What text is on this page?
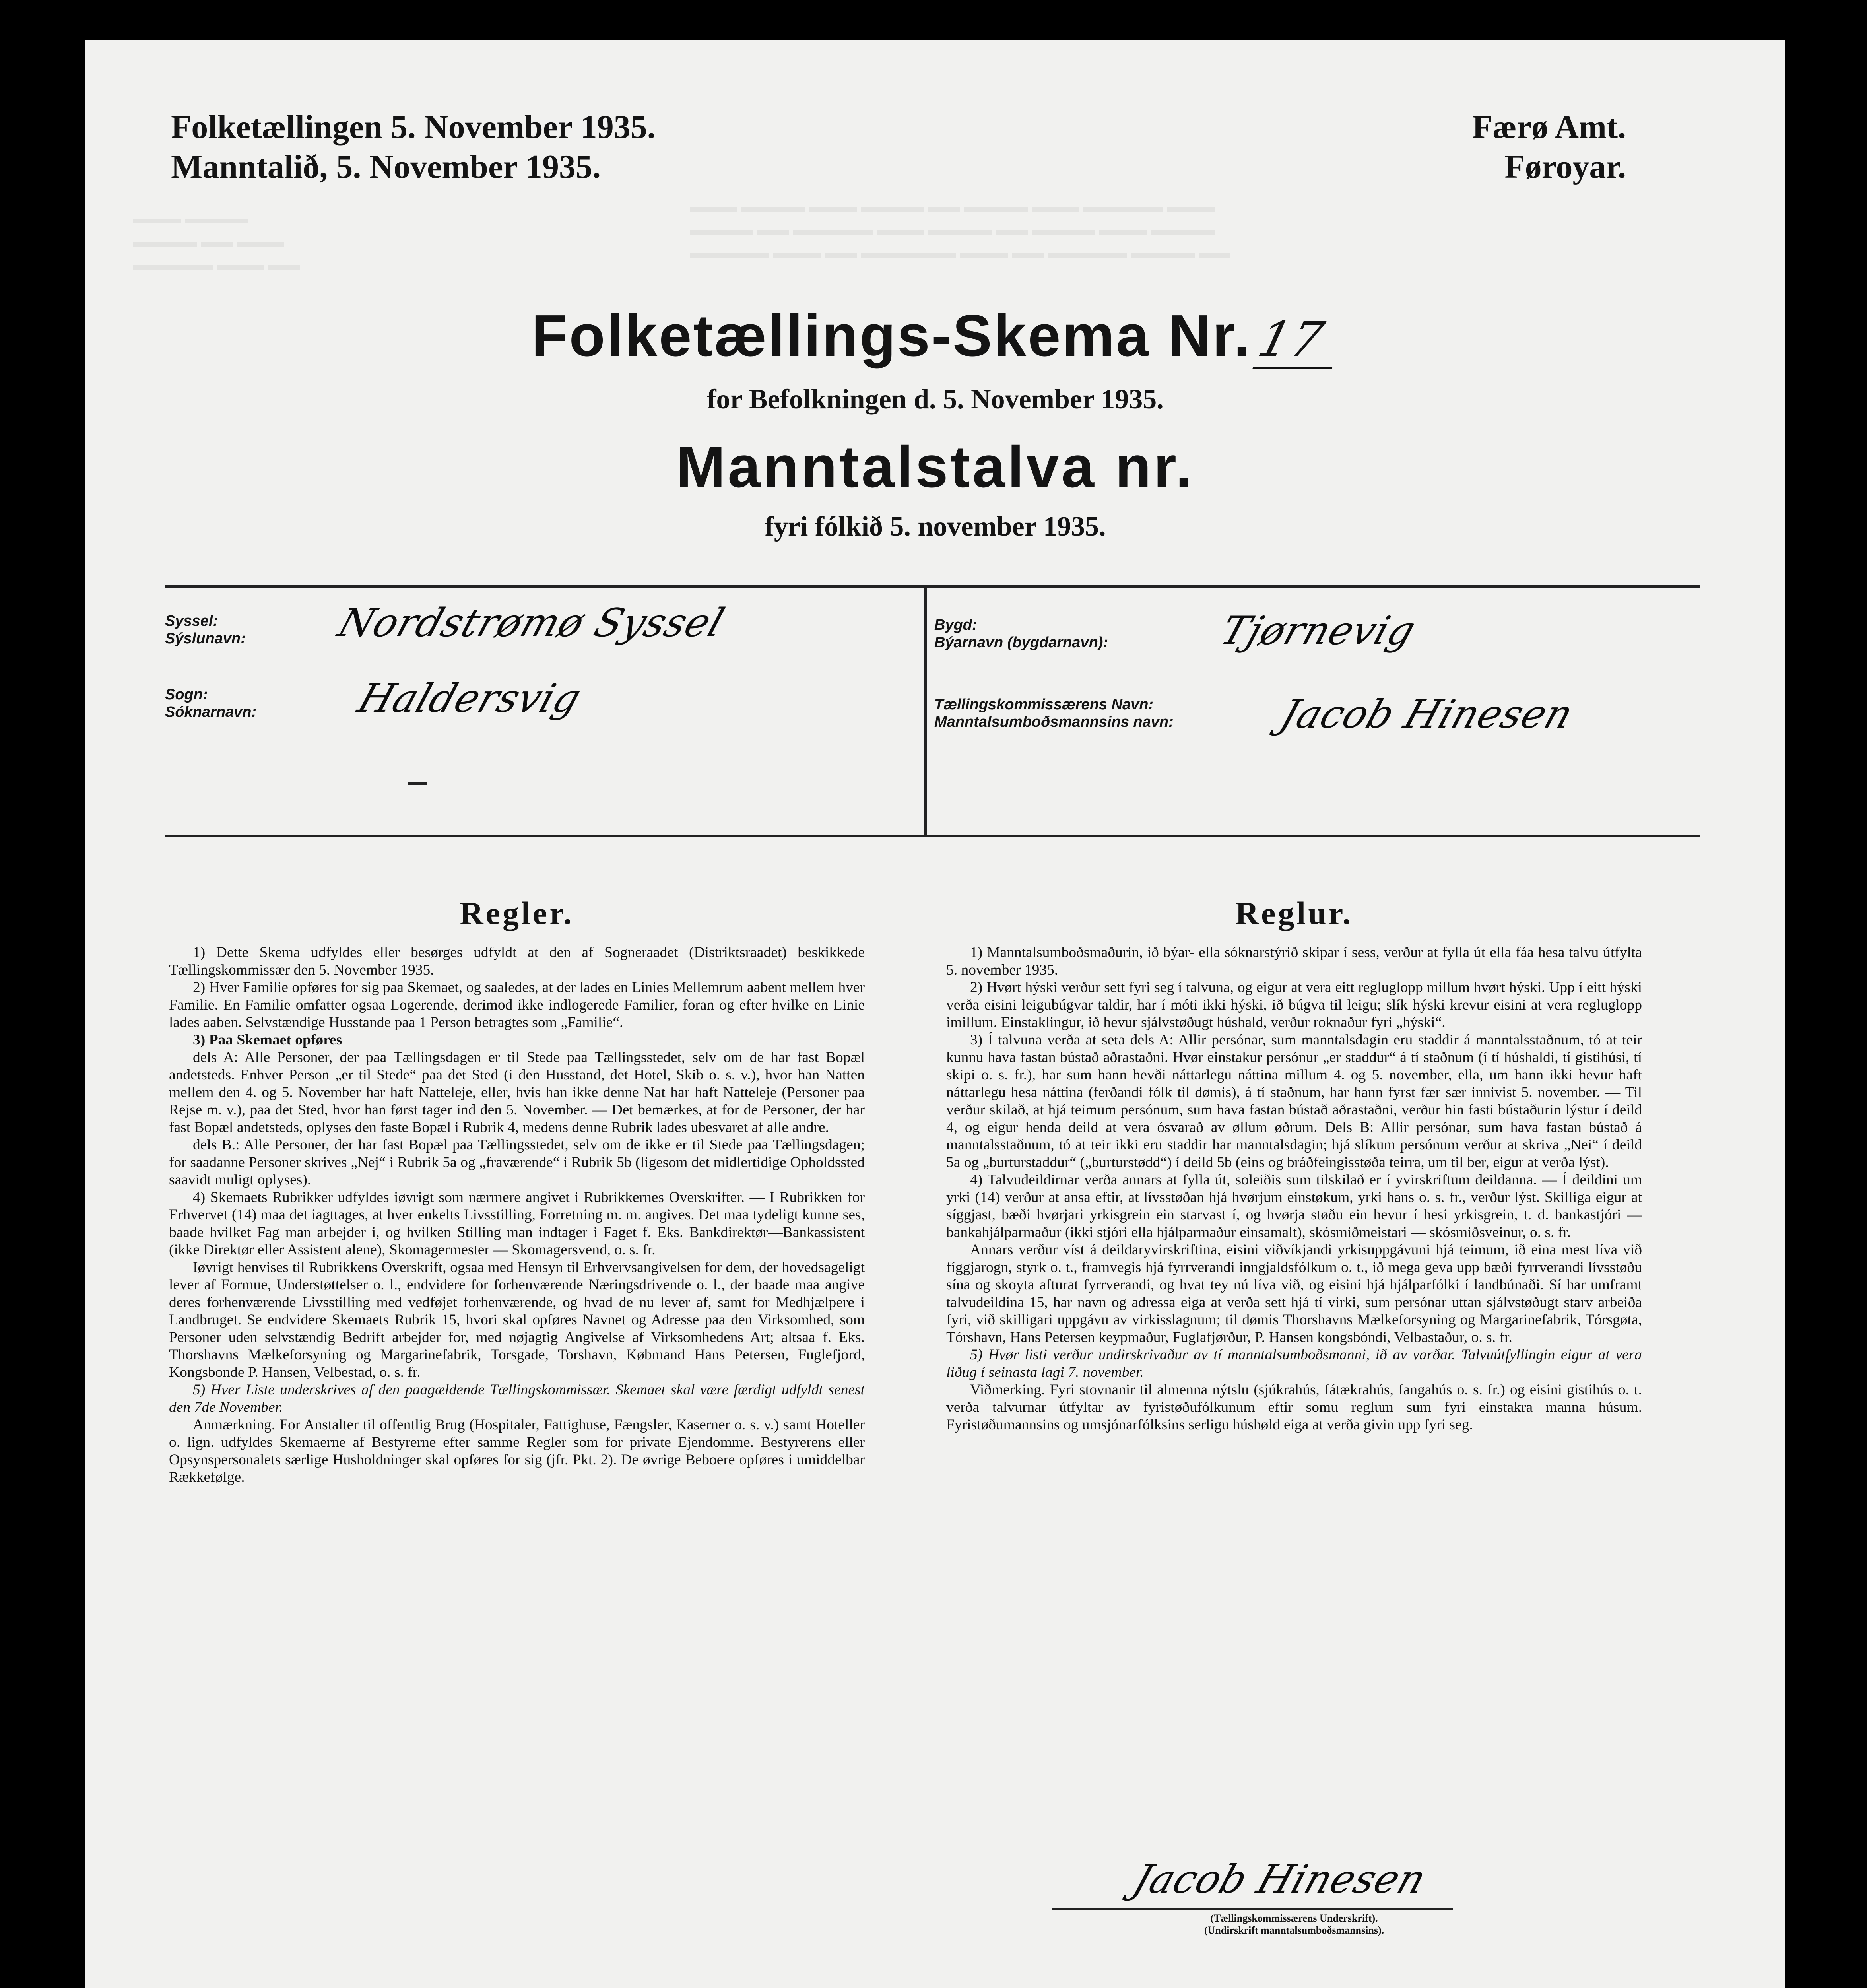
▬▬▬ ▬▬▬▬ ▬▬▬ ▬▬▬▬ ▬▬ ▬▬▬▬ ▬▬▬ ▬▬▬▬▬ ▬▬▬
▬▬▬▬ ▬▬ ▬▬▬▬▬ ▬▬▬ ▬▬▬▬ ▬▬ ▬▬▬▬ ▬▬▬ ▬▬▬▬
▬▬▬▬▬ ▬▬▬ ▬▬ ▬▬▬▬▬▬ ▬▬▬ ▬▬ ▬▬▬▬▬ ▬▬▬▬ ▬▬
▬▬▬ ▬▬▬▬
▬▬▬▬ ▬▬ ▬▬▬
▬▬▬▬▬ ▬▬▬ ▬▬
Folketællingen 5. November 1935.
Manntalið, 5. November 1935.
Færø Amt.
Føroyar.
Folketællings-Skema Nr.17
for Befolkningen d. 5. November 1935.
Manntalstalva nr.
fyri fólkið 5. november 1935.
Syssel:
Sýslunavn: Nordstrømø Syssel
Sogn:
Sóknarnavn: Haldersvig
Bygd:
Býarnavn (bygdarnavn):	Tjørnevig
Tællingskommissærens Navn:
Manntalsumboðsmannsins navn:	Jacob Hinesen
Regler.

1) Dette Skema udfyldes eller besørges udfyldt at den af Sogneraadet (Distriktsraadet) beskikkede Tællingskommissær den 5. November 1935.

2) Hver Familie opføres for sig paa Skemaet, og saaledes, at der lades en Linies Mellemrum aabent mellem hver Familie. En Familie omfatter ogsaa Logerende, derimod ikke indlogerede Familier, foran og efter hvilke en Linie lades aaben. Selvstændige Husstande paa 1 Person betragtes som „Familie“.

3) Paa Skemaet opføres

dels A: Alle Personer, der paa Tællingsdagen er til Stede paa Tællingsstedet, selv om de har fast Bopæl andetsteds. Enhver Person „er til Stede“ paa det Sted (i den Husstand, det Hotel, Skib o. s. v.), hvor han Natten mellem den 4. og 5. November har haft Natteleje, eller, hvis han ikke denne Nat har haft Natteleje (Personer paa Rejse m. v.), paa det Sted, hvor han først tager ind den 5. November. — Det bemærkes, at for de Personer, der har fast Bopæl andetsteds, oplyses den faste Bopæl i Rubrik 4, medens denne Rubrik lades ubesvaret af alle andre.

dels B.: Alle Personer, der har fast Bopæl paa Tællingsstedet, selv om de ikke er til Stede paa Tællingsdagen; for saadanne Personer skrives „Nej“ i Rubrik 5a og „fraværende“ i Rubrik 5b (ligesom det midlertidige Opholdssted saavidt muligt oplyses).

4) Skemaets Rubrikker udfyldes iøvrigt som nærmere angivet i Rubrikkernes Overskrifter. — I Rubrikken for Erhvervet (14) maa det iagttages, at hver enkelts Livsstilling, Forretning m. m. angives. Det maa tydeligt kunne ses, baade hvilket Fag man arbejder i, og hvilken Stilling man indtager i Faget f. Eks. Bankdirektør—Bankassistent (ikke Direktør eller Assistent alene), Skomagermester — Skomagersvend, o. s. fr.

Iøvrigt henvises til Rubrikkens Overskrift, ogsaa med Hensyn til Erhvervsangivelsen for dem, der hovedsageligt lever af Formue, Understøttelser o. l., endvidere for forhenværende Næringsdrivende o. l., der baade maa angive deres forhenværende Livsstilling med vedføjet forhenværende, og hvad de nu lever af, samt for Medhjælpere i Landbruget. Se endvidere Skemaets Rubrik 15, hvori skal opføres Navnet og Adresse paa den Virksomhed, som Personer uden selvstændig Bedrift arbejder for, med nøjagtig Angivelse af Virksomhedens Art; altsaa f. Eks. Thorshavns Mælkeforsyning og Margarinefabrik, Torsgade, Torshavn, Købmand Hans Petersen, Fuglefjord, Kongsbonde P. Hansen, Velbestad, o. s. fr.

5) Hver Liste underskrives af den paagældende Tællingskommissær. Skemaet skal være færdigt udfyldt senest den 7de November.

Anmærkning. For Anstalter til offentlig Brug (Hospitaler, Fattighuse, Fængsler, Kaserner o. s. v.) samt Hoteller o. lign. udfyldes Skemaerne af Bestyrerne efter samme Regler som for private Ejendomme. Bestyrerens eller Opsynspersonalets særlige Husholdninger skal opføres for sig (jfr. Pkt. 2). De øvrige Beboere opføres i umiddelbar Rækkefølge.

Reglur.

1) Manntalsumboðsmaðurin, ið býar- ella sóknarstýrið skipar í sess, verður at fylla út ella fáa hesa talvu útfylta 5. november 1935.

2) Hvørt hýski verður sett fyri seg í talvuna, og eigur at vera eitt regluglopp millum hvørt hýski. Upp í eitt hýski verða eisini leigubúgvar taldir, har í móti ikki hýski, ið búgva til leigu; slík hýski krevur eisini at vera regluglopp imillum. Einstaklingur, ið hevur sjálvstøðugt húshald, verður roknaður fyri „hýski“.

3) Í talvuna verða at seta dels A: Allir persónar, sum manntalsdagin eru staddir á manntalsstaðnum, tó at teir kunnu hava fastan bústað aðrastaðni. Hvør einstakur persónur „er staddur“ á tí staðnum (í tí húshaldi, tí gistihúsi, tí skipi o. s. fr.), har sum hann hevði náttarlegu náttina millum 4. og 5. november, ella, um hann ikki hevur haft náttarlegu hesa náttina (ferðandi fólk til dømis), á tí staðnum, har hann fyrst fær sær innivist 5. november. — Til verður skilað, at hjá teimum persónum, sum hava fastan bústað aðrastaðni, verður hin fasti bústaðurin lýstur í deild 4, og eigur henda deild at vera ósvarað av øllum øðrum. Dels B: Allir persónar, sum hava fastan bústað á manntalsstaðnum, tó at teir ikki eru staddir har manntalsdagin; hjá slíkum persónum verður at skriva „Nei“ í deild 5a og „burturstaddur“ („burturstødd“) í deild 5b (eins og bráðfeingisstøða teirra, um til ber, eigur at verða lýst).

4) Talvudeildirnar verða annars at fylla út, soleiðis sum tilskilað er í yvirskriftum deildanna. — Í deildini um yrki (14) verður at ansa eftir, at lívsstøðan hjá hvørjum einstøkum, yrki hans o. s. fr., verður lýst. Skilliga eigur at síggjast, bæði hvørjari yrkisgrein ein starvast í, og hvørja støðu ein hevur í hesi yrkisgrein, t. d. bankastjóri — bankahjálparmaður (ikki stjóri ella hjálparmaður einsamalt), skósmiðmeistari — skósmiðsveinur, o. s. fr.

Annars verður víst á deildaryvirskriftina, eisini viðvíkjandi yrkisuppgávuni hjá teimum, ið eina mest líva við fíggjarogn, styrk o. t., framvegis hjá fyrrverandi inngjaldsfólkum o. t., ið mega geva upp bæði fyrrverandi lívsstøðu sína og skoyta afturat fyrrverandi, og hvat tey nú líva við, og eisini hjá hjálparfólki í landbúnaði. Sí har umframt talvudeildina 15, har navn og adressa eiga at verða sett hjá tí virki, sum persónar uttan sjálvstøðugt starv arbeiða fyri, við skilligari uppgávu av virkisslagnum; til dømis Thorshavns Mælkeforsyning og Margarinefabrik, Tórsgøta, Tórshavn, Hans Petersen keypmaður, Fuglafjørður, P. Hansen kongsbóndi, Velbastaður, o. s. fr.

5) Hvør listi verður undirskrivaður av tí manntalsumboðsmanni, ið av varðar. Talvuútfyllingin eigur at vera liðug í seinasta lagi 7. november.

Viðmerking. Fyri stovnanir til almenna nýtslu (sjúkrahús, fátækrahús, fangahús o. s. fr.) og eisini gistihús o. t. verða talvurnar útfyltar av fyristøðufólkunum eftir somu reglum sum fyri einstakra manna húsum. Fyristøðumannsins og umsjónarfólksins serligu húshøld eiga at verða givin upp fyri seg.

Jacob Hinesen
(Tællingskommissærens Underskrift).
(Undirskrift manntalsumboðsmannsins).
